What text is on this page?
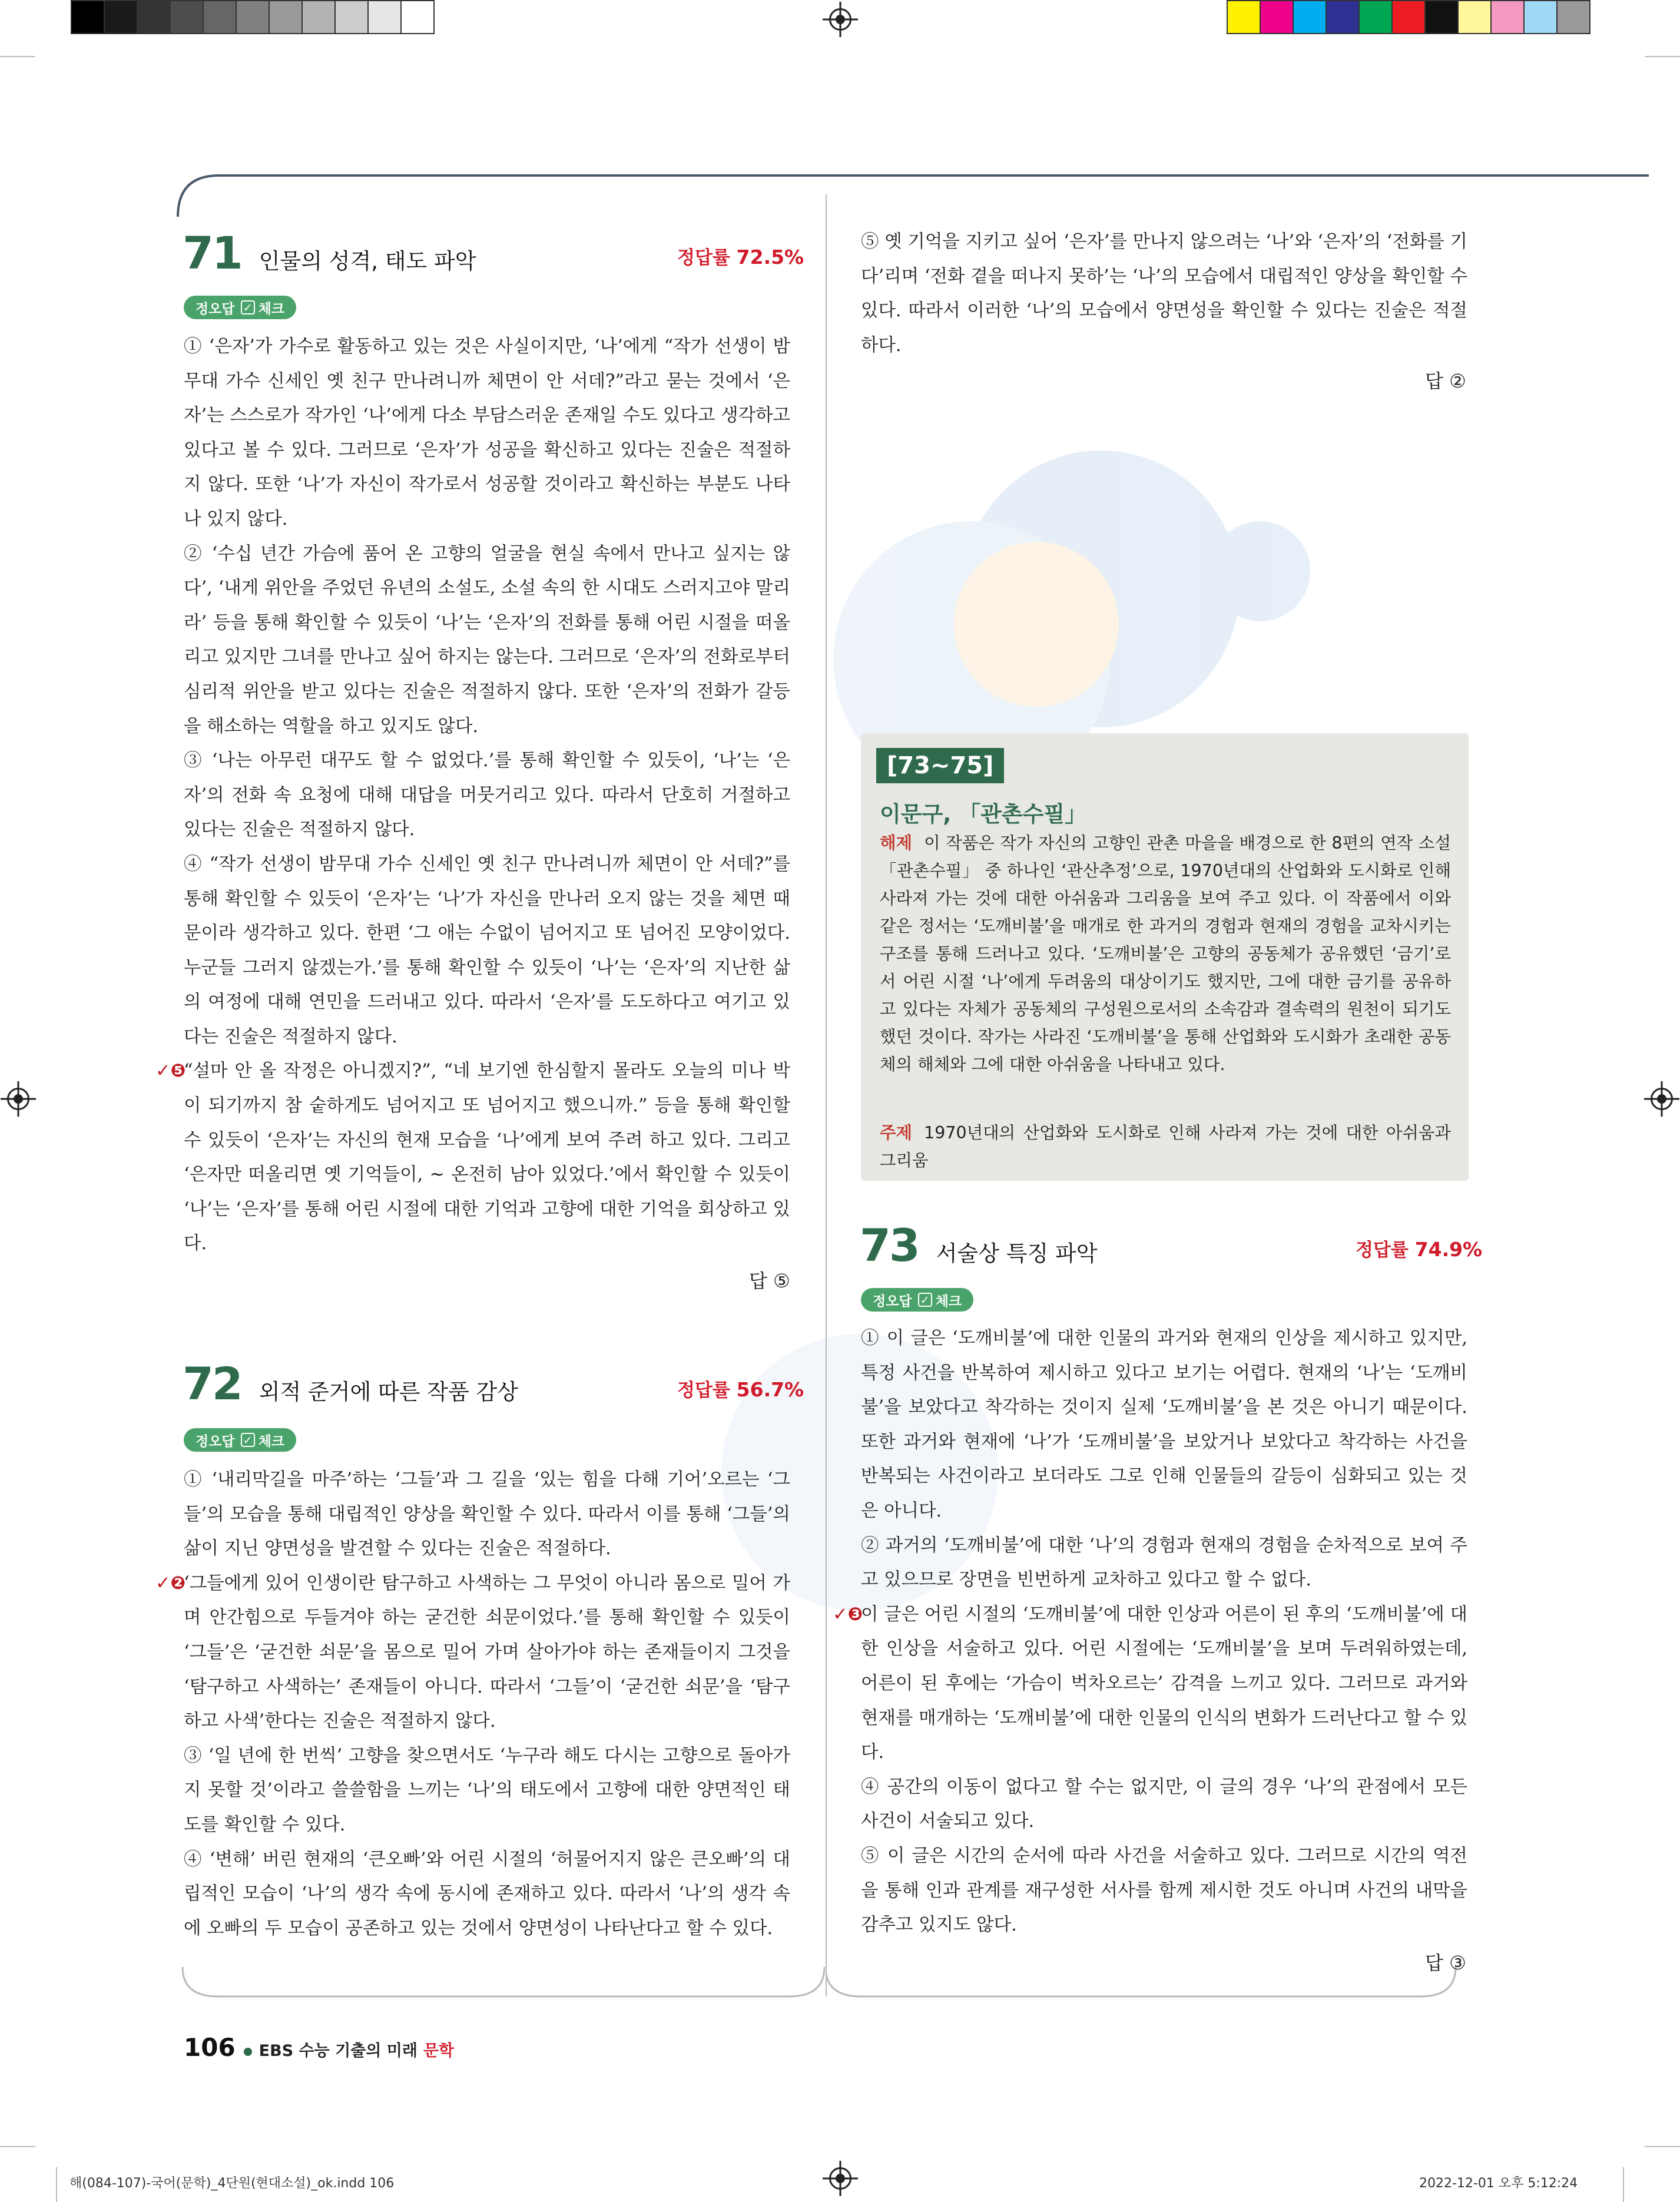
71 인물의 성격, 태도 파악	정답률 72.5%
정오답 ✓ 체크
① ‘은자’가 가수로 활동하고 있는 것은 사실이지만, ‘나’에게 “작가 선생이 밤무대 가수 신세인 옛 친구 만나려니까 체면이 안 서데?”라고 묻는 것에서 ‘은자’는 스스로가 작가인 ‘나’에게 다소 부담스러운 존재일 수도 있다고 생각하고 있다고 볼 수 있다. 그러므로 ‘은자’가 성공을 확신하고 있다는 진술은 적절하지 않다. 또한 ‘나’가 자신이 작가로서 성공할 것이라고 확신하는 부분도 나타나 있지 않다.
② ‘수십 년간 가슴에 품어 온 고향의 얼굴을 현실 속에서 만나고 싶지는 않다’, ‘내게 위안을 주었던 유년의 소설도, 소설 속의 한 시대도 스러지고야 말리라’ 등을 통해 확인할 수 있듯이 ‘나’는 ‘은자’의 전화를 통해 어린 시절을 떠올리고 있지만 그녀를 만나고 싶어 하지는 않는다. 그러므로 ‘은자’의 전화로부터 심리적 위안을 받고 있다는 진술은 적절하지 않다. 또한 ‘은자’의 전화가 갈등을 해소하는 역할을 하고 있지도 않다.
③ ‘나는 아무런 대꾸도 할 수 없었다.’를 통해 확인할 수 있듯이, ‘나’는 ‘은자’의 전화 속 요청에 대해 대답을 머뭇거리고 있다. 따라서 단호히 거절하고 있다는 진술은 적절하지 않다.
④ “작가 선생이 밤무대 가수 신세인 옛 친구 만나려니까 체면이 안 서데?”를 통해 확인할 수 있듯이 ‘은자’는 ‘나’가 자신을 만나러 오지 않는 것을 체면 때문이라 생각하고 있다. 한편 ‘그 애는 수없이 넘어지고 또 넘어진 모양이었다. 누군들 그러지 않겠는가.’를 통해 확인할 수 있듯이 ‘나’는 ‘은자’의 지난한 삶의 여정에 대해 연민을 드러내고 있다. 따라서 ‘은자’를 도도하다고 여기고 있다는 진술은 적절하지 않다.
✓❺
“설마 안 올 작정은 아니겠지?”, “네 보기엔 한심할지 몰라도 오늘의 미나 박이 되기까지 참 숱하게도 넘어지고 또 넘어지고 했으니까.” 등을 통해 확인할 수 있듯이 ‘은자’는 자신의 현재 모습을 ‘나’에게 보여 주려 하고 있다. 그리고 ‘은자만 떠올리면 옛 기억들이, ~ 온전히 남아 있었다.’에서 확인할 수 있듯이 ‘나’는 ‘은자’를 통해 어린 시절에 대한 기억과 고향에 대한 기억을 회상하고 있다.
답 ⑤
72 외적 준거에 따른 작품 감상	정답률 56.7%
정오답 ✓ 체크
① ‘내리막길을 마주’하는 ‘그들’과 그 길을 ‘있는 힘을 다해 기어’오르는 ‘그들’의 모습을 통해 대립적인 양상을 확인할 수 있다. 따라서 이를 통해 ‘그들’의 삶이 지닌 양면성을 발견할 수 있다는 진술은 적절하다.
✓❷
‘그들에게 있어 인생이란 탐구하고 사색하는 그 무엇이 아니라 몸으로 밀어 가며 안간힘으로 두들겨야 하는 굳건한 쇠문이었다.’를 통해 확인할 수 있듯이 ‘그들’은 ‘굳건한 쇠문’을 몸으로 밀어 가며 살아가야 하는 존재들이지 그것을 ‘탐구하고 사색하는’ 존재들이 아니다. 따라서 ‘그들’이 ‘굳건한 쇠문’을 ‘탐구하고 사색’한다는 진술은 적절하지 않다.
③ ‘일 년에 한 번씩’ 고향을 찾으면서도 ‘누구라 해도 다시는 고향으로 돌아가지 못할 것’이라고 쓸쓸함을 느끼는 ‘나’의 태도에서 고향에 대한 양면적인 태도를 확인할 수 있다.
④ ‘변해’ 버린 현재의 ‘큰오빠’와 어린 시절의 ‘허물어지지 않은 큰오빠’의 대립적인 모습이 ‘나’의 생각 속에 동시에 존재하고 있다. 따라서 ‘나’의 생각 속에 오빠의 두 모습이 공존하고 있는 것에서 양면성이 나타난다고 할 수 있다.
⑤ 옛 기억을 지키고 싶어 ‘은자’를 만나지 않으려는 ‘나’와 ‘은자’의 ‘전화를 기다’리며 ‘전화 곁을 떠나지 못하’는 ‘나’의 모습에서 대립적인 양상을 확인할 수 있다. 따라서 이러한 ‘나’의 모습에서 양면성을 확인할 수 있다는 진술은 적절하다.
답 ②
[73~75]
이문구, 「관촌수필」
해제 이 작품은 작가 자신의 고향인 관촌 마을을 배경으로 한 8편의 연작 소설 「관촌수필」 중 하나인 ‘관산추정’으로, 1970년대의 산업화와 도시화로 인해 사라져 가는 것에 대한 아쉬움과 그리움을 보여 주고 있다. 이 작품에서 이와 같은 정서는 ‘도깨비불’을 매개로 한 과거의 경험과 현재의 경험을 교차시키는 구조를 통해 드러나고 있다. ‘도깨비불’은 고향의 공동체가 공유했던 ‘금기’로서 어린 시절 ‘나’에게 두려움의 대상이기도 했지만, 그에 대한 금기를 공유하고 있다는 자체가 공동체의 구성원으로서의 소속감과 결속력의 원천이 되기도 했던 것이다. 작가는 사라진 ‘도깨비불’을 통해 산업화와 도시화가 초래한 공동체의 해체와 그에 대한 아쉬움을 나타내고 있다.
주제 1970년대의 산업화와 도시화로 인해 사라져 가는 것에 대한 아쉬움과 그리움
73 서술상 특징 파악	정답률 74.9%
정오답 ✓ 체크
① 이 글은 ‘도깨비불’에 대한 인물의 과거와 현재의 인상을 제시하고 있지만, 특정 사건을 반복하여 제시하고 있다고 보기는 어렵다. 현재의 ‘나’는 ‘도깨비불’을 보았다고 착각하는 것이지 실제 ‘도깨비불’을 본 것은 아니기 때문이다. 또한 과거와 현재에 ‘나’가 ‘도깨비불’을 보았거나 보았다고 착각하는 사건을 반복되는 사건이라고 보더라도 그로 인해 인물들의 갈등이 심화되고 있는 것은 아니다.
② 과거의 ‘도깨비불’에 대한 ‘나’의 경험과 현재의 경험을 순차적으로 보여 주고 있으므로 장면을 빈번하게 교차하고 있다고 할 수 없다.
✓❸
이 글은 어린 시절의 ‘도깨비불’에 대한 인상과 어른이 된 후의 ‘도깨비불’에 대한 인상을 서술하고 있다. 어린 시절에는 ‘도깨비불’을 보며 두려워하였는데, 어른이 된 후에는 ‘가슴이 벅차오르는’ 감격을 느끼고 있다. 그러므로 과거와 현재를 매개하는 ‘도깨비불’에 대한 인물의 인식의 변화가 드러난다고 할 수 있다.
④ 공간의 이동이 없다고 할 수는 없지만, 이 글의 경우 ‘나’의 관점에서 모든 사건이 서술되고 있다.
⑤ 이 글은 시간의 순서에 따라 사건을 서술하고 있다. 그러므로 시간의 역전을 통해 인과 관계를 재구성한 서사를 함께 제시한 것도 아니며 사건의 내막을 감추고 있지도 않다.
답 ③
106 EBS 수능 기출의 미래 문학
해(084-107)-국어(문학)_4단원(현대소설)_ok.indd 106	2022-12-01 오후 5:12:24
